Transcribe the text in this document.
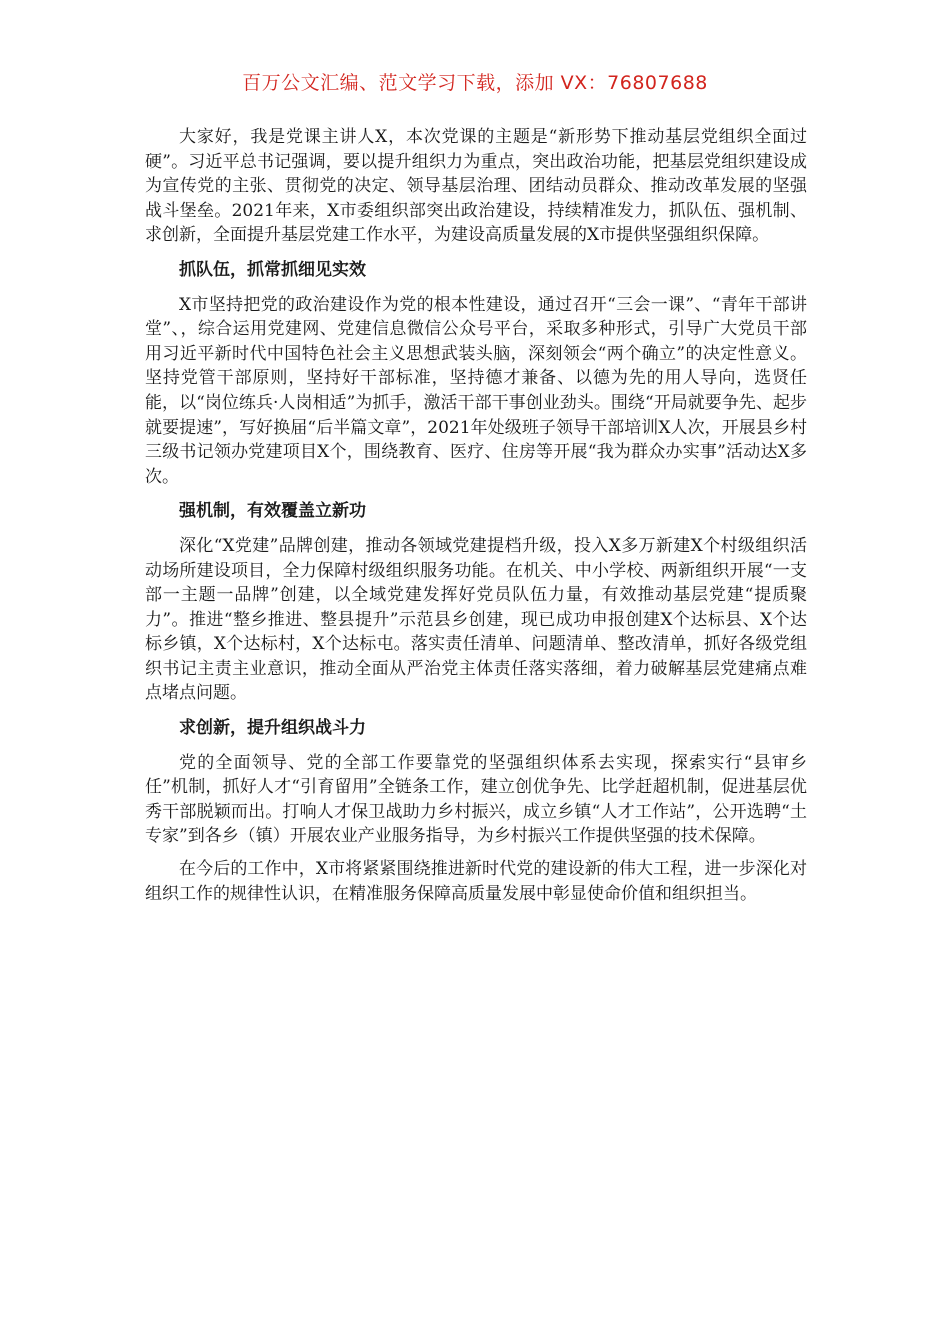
百万公文汇编、范文学习下载，添加 VX：76807688

大家好，我是党课主讲人X，本次党课的主题是“新形势下推动基层党组织全面过硬”。习近平总书记强调，要以提升组织力为重点，突出政治功能，把基层党组织建设成为宣传党的主张、贯彻党的决定、领导基层治理、团结动员群众、推动改革发展的坚强战斗堡垒。2021年来，X市委组织部突出政治建设，持续精准发力，抓队伍、强机制、求创新，全面提升基层党建工作水平，为建设高质量发展的X市提供坚强组织保障。

抓队伍，抓常抓细见实效

X市坚持把党的政治建设作为党的根本性建设，通过召开“三会一课”、“青年干部讲堂”、，综合运用党建网、党建信息微信公众号平台，采取多种形式，引导广大党员干部用习近平新时代中国特色社会主义思想武装头脑，深刻领会“两个确立”的决定性意义。坚持党管干部原则，坚持好干部标准，坚持德才兼备、以德为先的用人导向，选贤任能，以“岗位练兵·人岗相适”为抓手，激活干部干事创业劲头。围绕“开局就要争先、起步就要提速”，写好换届“后半篇文章”，2021年处级班子领导干部培训X人次，开展县乡村三级书记领办党建项目X个，围绕教育、医疗、住房等开展“我为群众办实事”活动达X多次。

强机制，有效覆盖立新功

深化“X党建”品牌创建，推动各领域党建提档升级，投入X多万新建X个村级组织活动场所建设项目，全力保障村级组织服务功能。在机关、中小学校、两新组织开展“一支部一主题一品牌”创建，以全域党建发挥好党员队伍力量，有效推动基层党建“提质聚力”。推进“整乡推进、整县提升”示范县乡创建，现已成功申报创建X个达标县、X个达标乡镇，X个达标村，X个达标屯。落实责任清单、问题清单、整改清单，抓好各级党组织书记主责主业意识，推动全面从严治党主体责任落实落细，着力破解基层党建痛点难点堵点问题。

求创新，提升组织战斗力

党的全面领导、党的全部工作要靠党的坚强组织体系去实现，探索实行“县审乡任”机制，抓好人才“引育留用”全链条工作，建立创优争先、比学赶超机制，促进基层优秀干部脱颖而出。打响人才保卫战助力乡村振兴，成立乡镇“人才工作站”，公开选聘“土专家”到各乡（镇）开展农业产业服务指导，为乡村振兴工作提供坚强的技术保障。

在今后的工作中，X市将紧紧围绕推进新时代党的建设新的伟大工程，进一步深化对组织工作的规律性认识，在精准服务保障高质量发展中彰显使命价值和组织担当。
